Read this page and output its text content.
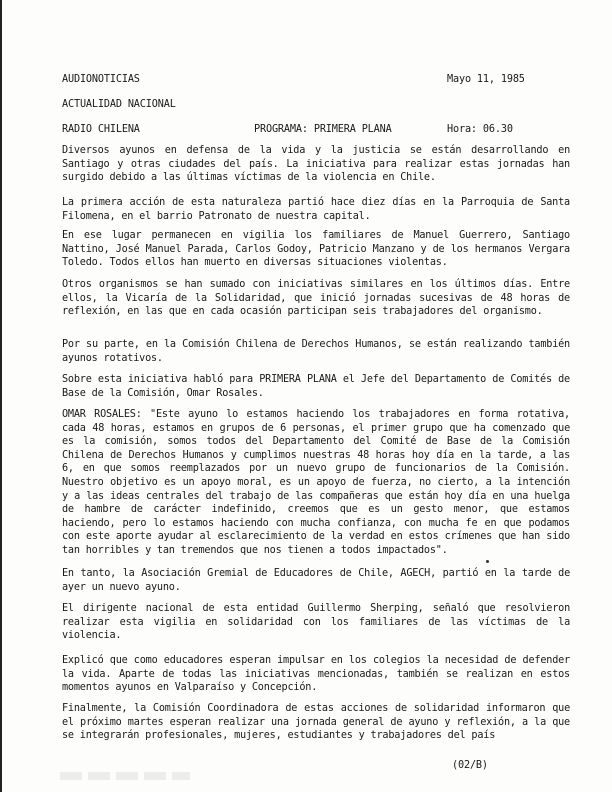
AUDIONOTICIAS	Mayo 11, 1985
ACTUALIDAD NACIONAL
RADIO CHILENA	PROGRAMA: PRIMERA PLANA	Hora: 06.30
Diversos ayunos en defensa de la vida y la justicia se están desarrollando en Santiago y otras ciudades del país. La iniciativa para realizar estas jornadas han surgido debido a las últimas víctimas de la violencia en Chile.
La primera acción de esta naturaleza partió hace diez días en la Parroquia de Santa Filomena, en el barrio Patronato de nuestra capital.
En ese lugar permanecen en vigilia los familiares de Manuel Guerrero, Santiago Nattino, José Manuel Parada, Carlos Godoy, Patricio Manzano y de los hermanos Vergara Toledo. Todos ellos han muerto en diversas situaciones violentas.
Otros organismos se han sumado con iniciativas similares en los últimos días. Entre ellos, la Vicaría de la Solidaridad, que inició jornadas sucesivas de 48 horas de reflexión, en las que en cada ocasión participan seis trabajadores del organismo.
Por su parte, en la Comisión Chilena de Derechos Humanos, se están realizando también ayunos rotativos.
Sobre esta iniciativa habló para PRIMERA PLANA el Jefe del Departamento de Comités de Base de la Comisión, Omar Rosales.
OMAR ROSALES: "Este ayuno lo estamos haciendo los trabajadores en forma rotativa, cada 48 horas, estamos en grupos de 6 personas, el primer grupo que ha comenzado que es la comisión, somos todos del Departamento del Comité de Base de la Comisión Chilena de Derechos Humanos y cumplimos nuestras 48 horas hoy día en la tarde, a las 6, en que somos reemplazados por un nuevo grupo de funcionarios de la Comisión. Nuestro objetivo es un apoyo moral, es un apoyo de fuerza, no cierto, a la intención y a las ideas centrales del trabajo de las compañeras que están hoy día en una huelga de hambre de carácter indefinido, creemos que es un gesto menor, que estamos haciendo, pero lo estamos haciendo con mucha confianza, con mucha fe en que podamos con este aporte ayudar al esclarecimiento de la verdad en estos crímenes que han sido tan horribles y tan tremendos que nos tienen a todos impactados".
En tanto, la Asociación Gremial de Educadores de Chile, AGECH, partió en la tarde de ayer un nuevo ayuno.
El dirigente nacional de esta entidad Guillermo Sherping, señaló que resolvieron realizar esta vigilia en solidaridad con los familiares de las víctimas de la violencia.
Explicó que como educadores esperan impulsar en los colegios la necesidad de defender la vida. Aparte de todas las iniciativas mencionadas, también se realizan en estos momentos ayunos en Valparaíso y Concepción.
Finalmente, la Comisión Coordinadora de estas acciones de solidaridad informaron que el próximo martes esperan realizar una jornada general de ayuno y reflexión, a la que se integrarán profesionales, mujeres, estudiantes y trabajadores del país
(02/B)
